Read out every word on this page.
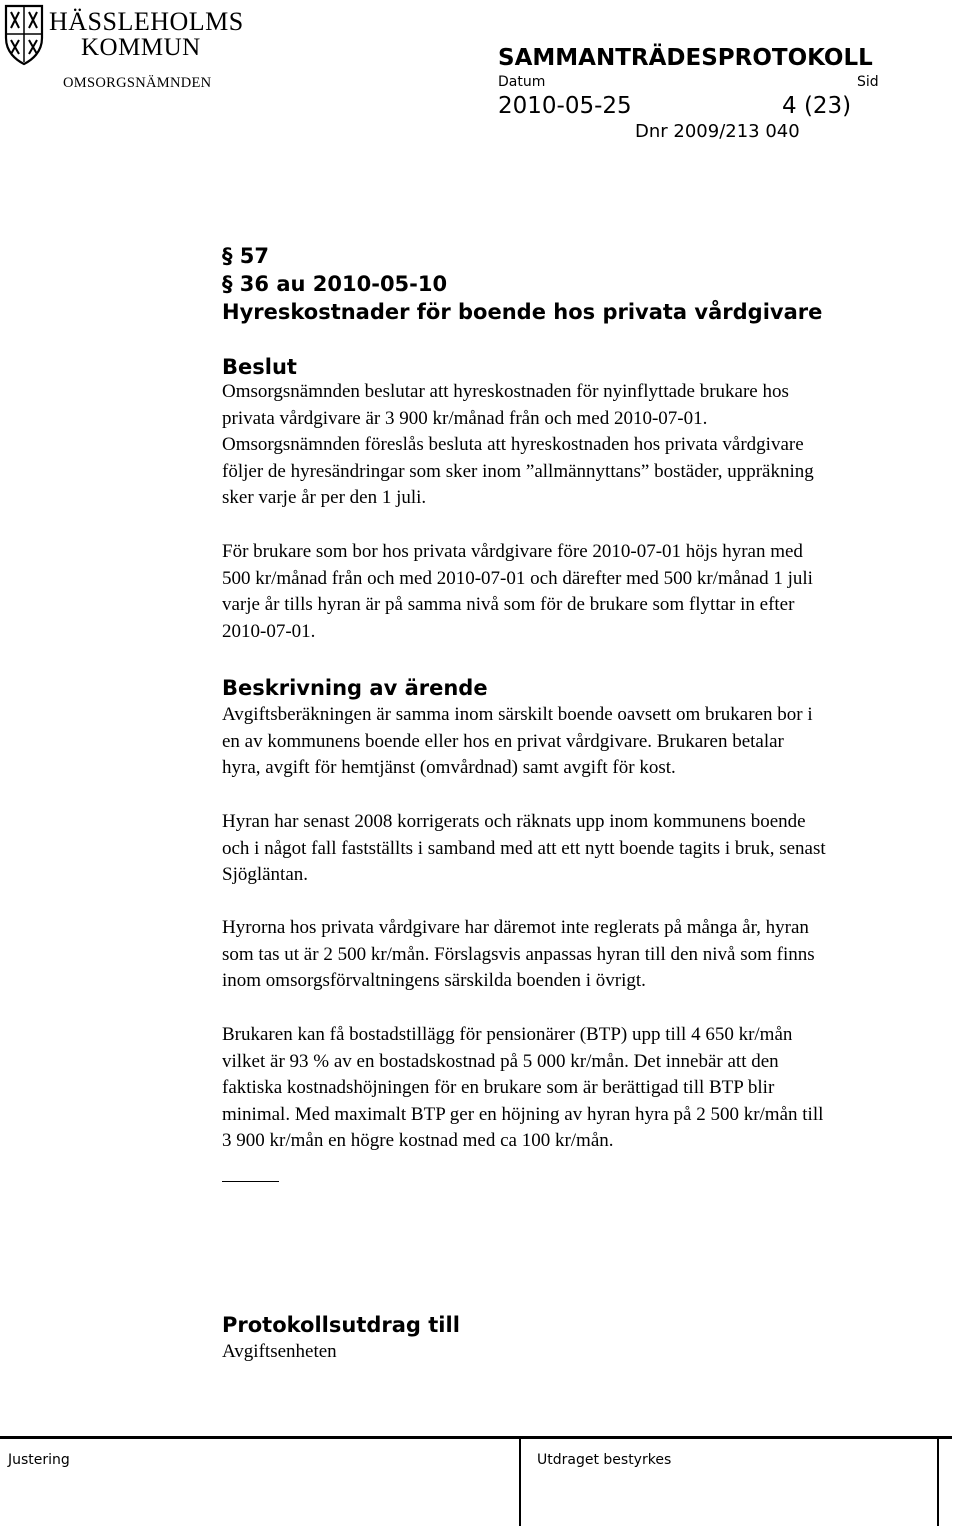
HÄSSLEHOLMS
KOMMUN
OMSORGSNÄMNDEN
SAMMANTRÄDESPROTOKOLL
Datum	Sid
2010-05-25	4 (23)
Dnr 2009/213 040
§ 57
§ 36 au 2010-05-10
Hyreskostnader för boende hos privata vårdgivare
Beslut

Omsorgsnämnden beslutar att hyreskostnaden för nyinflyttade brukare hos

privata vårdgivare är 3 900 kr/månad från och med 2010-07-01.

Omsorgsnämnden föreslås besluta att hyreskostnaden hos privata vårdgivare

följer de hyresändringar som sker inom ”allmännyttans” bostäder, uppräkning

sker varje år per den 1 juli.

För brukare som bor hos privata vårdgivare före 2010-07-01 höjs hyran med

500 kr/månad från och med 2010-07-01 och därefter med 500 kr/månad 1 juli

varje år tills hyran är på samma nivå som för de brukare som flyttar in efter

2010-07-01.

Beskrivning av ärende

Avgiftsberäkningen är samma inom särskilt boende oavsett om brukaren bor i

en av kommunens boende eller hos en privat vårdgivare. Brukaren betalar

hyra, avgift för hemtjänst (omvårdnad) samt avgift för kost.

Hyran har senast 2008 korrigerats och räknats upp inom kommunens boende

och i något fall fastställts i samband med att ett nytt boende tagits i bruk, senast

Sjögläntan.

Hyrorna hos privata vårdgivare har däremot inte reglerats på många år, hyran

som tas ut är 2 500 kr/mån. Förslagsvis anpassas hyran till den nivå som finns

inom omsorgsförvaltningens särskilda boenden i övrigt.

Brukaren kan få bostadstillägg för pensionärer (BTP) upp till 4 650 kr/mån

vilket är 93 % av en bostadskostnad på 5 000 kr/mån. Det innebär att den

faktiska kostnadshöjningen för en brukare som är berättigad till BTP blir

minimal. Med maximalt BTP ger en höjning av hyran hyra på 2 500 kr/mån till

3 900 kr/mån en högre kostnad med ca 100 kr/mån.

Protokollsutdrag till
Avgiftsenheten
Justering	Utdraget bestyrkes
